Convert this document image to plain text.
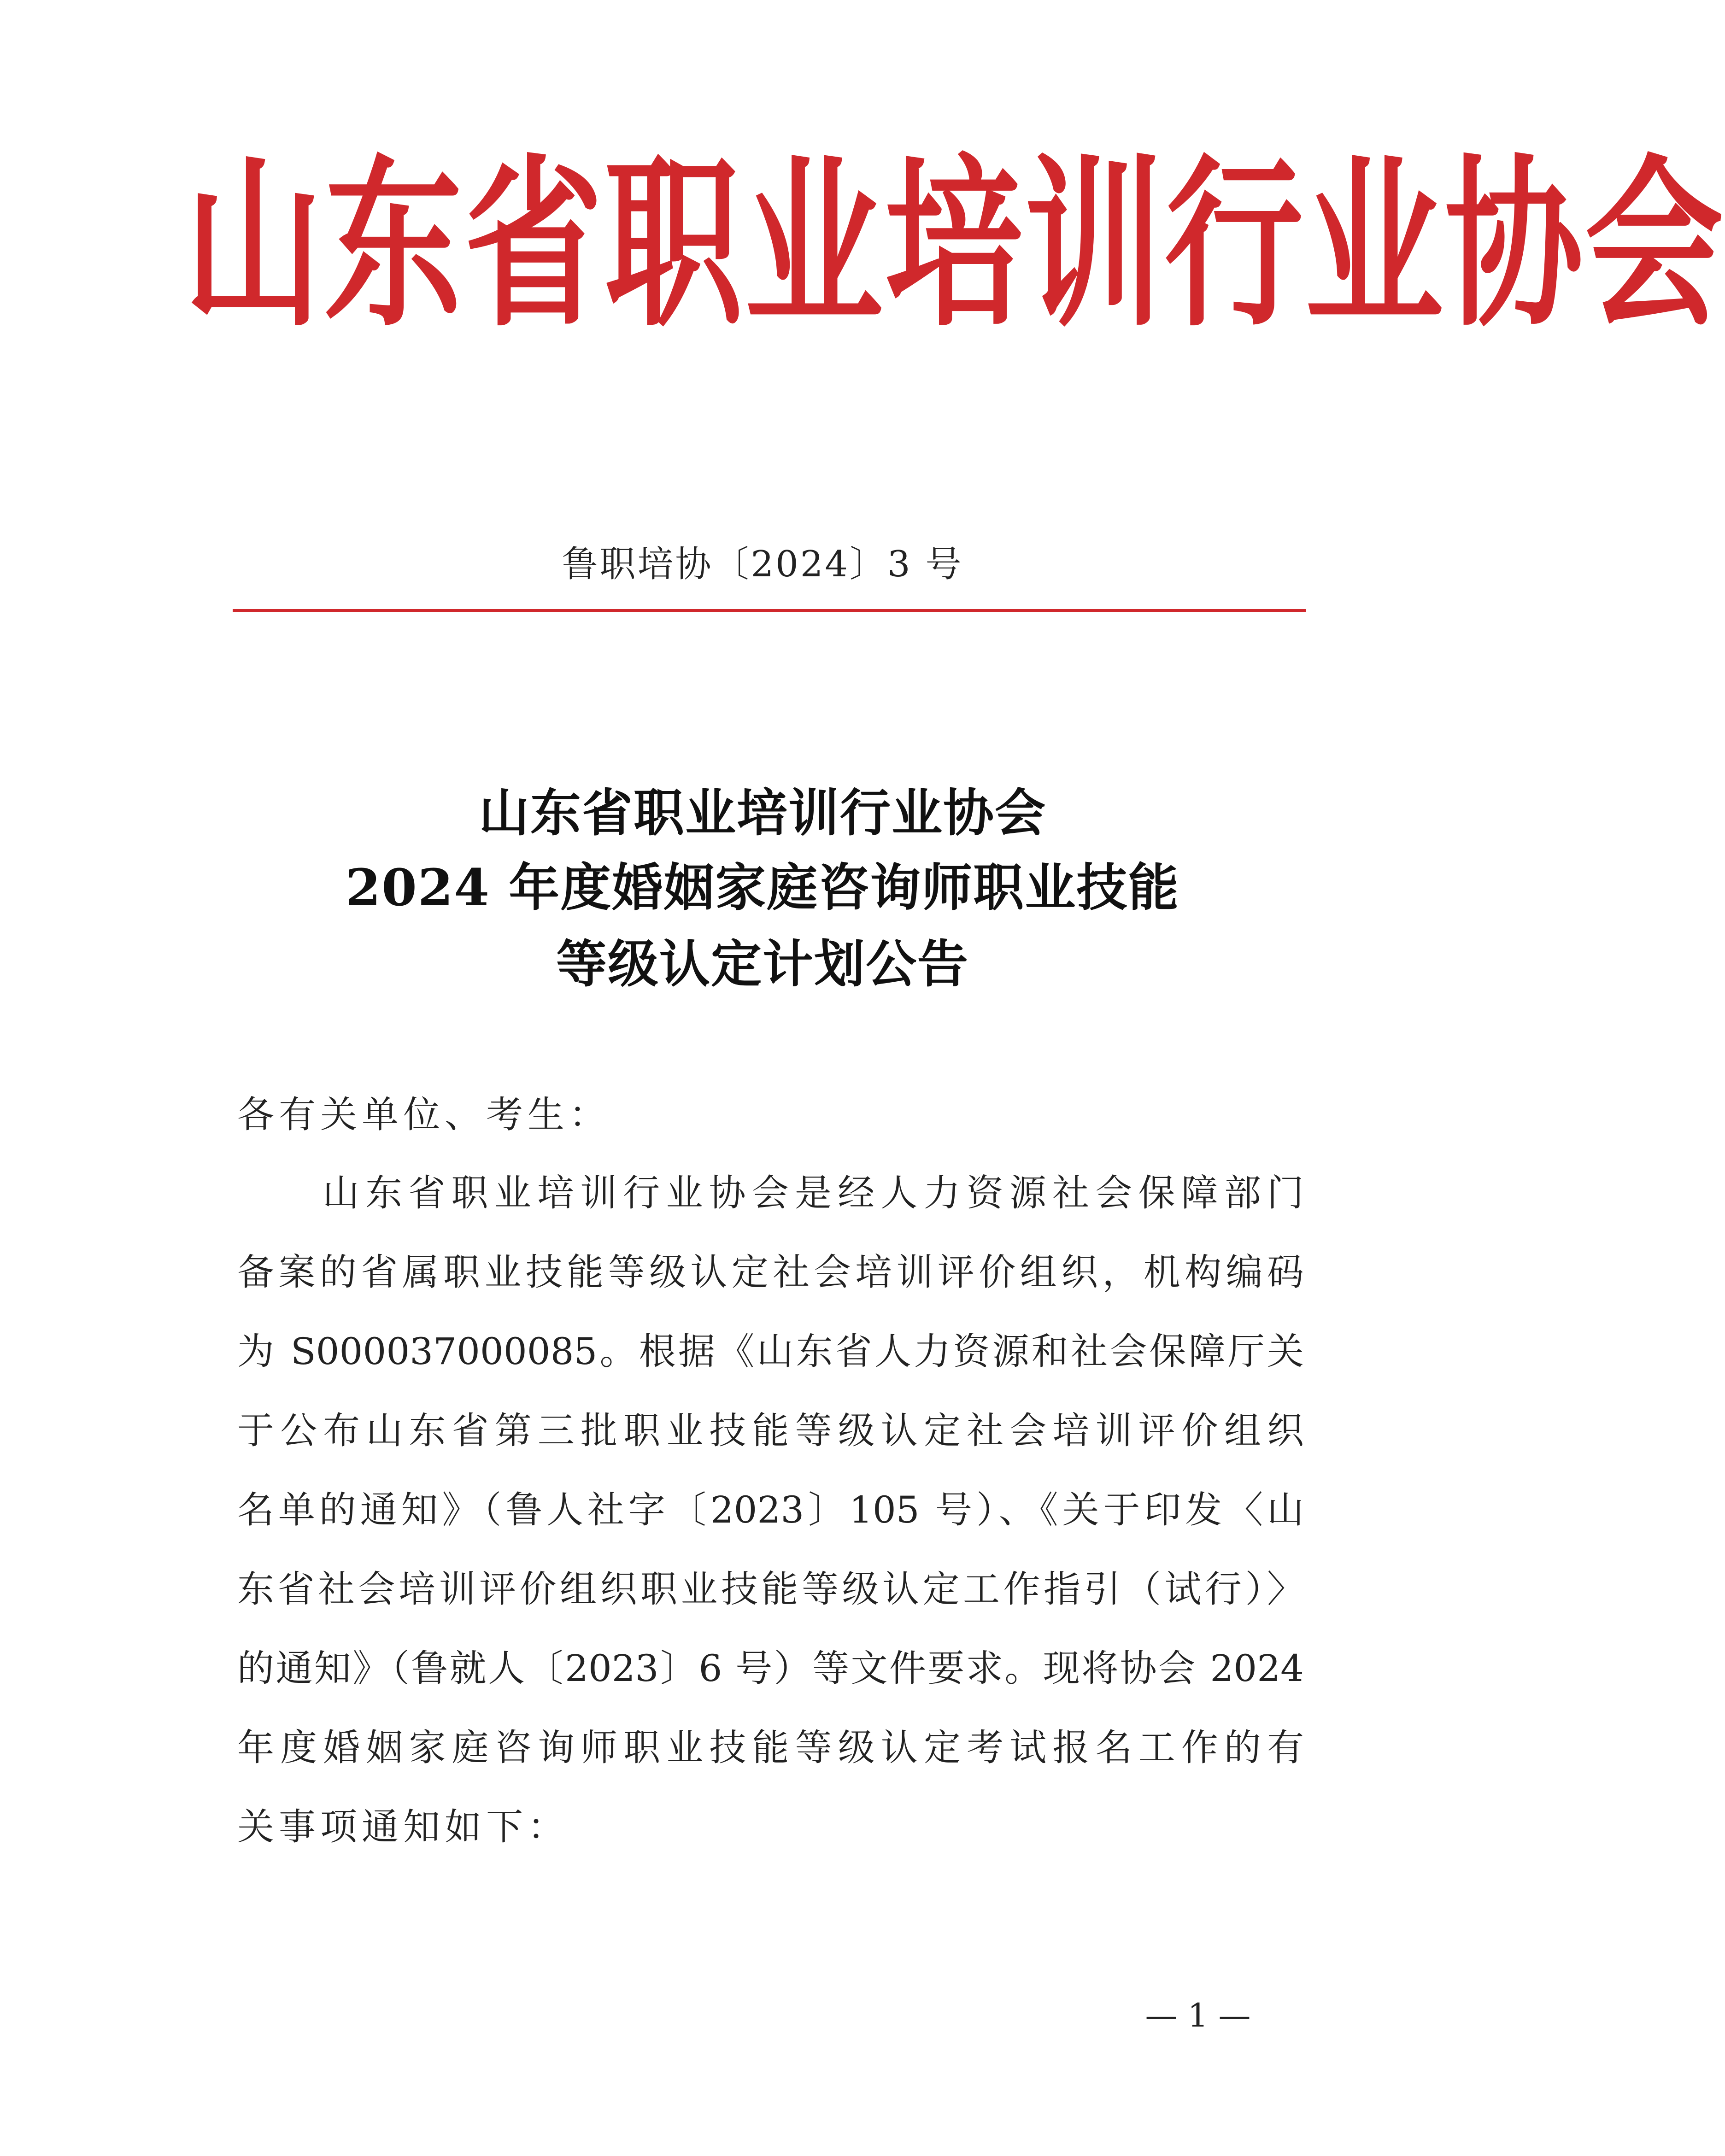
山东省职业培训行业协会
鲁职培协〔2024〕3 号
山东省职业培训行业协会
2024 年度婚姻家庭咨询师职业技能
等级认定计划公告
各有关单位、考生：
山东省职业培训行业协会是经人力资源社会保障部门
备案的省属职业技能等级认定社会培训评价组织，机构编码
为 S000037000085。根据《山东省人力资源和社会保障厅关
于公布山东省第三批职业技能等级认定社会培训评价组织
名单的通知》（鲁人社字〔2023〕105 号）、《关于印发〈山
东省社会培训评价组织职业技能等级认定工作指引（试行）〉
的通知》（鲁就人〔2023〕6 号）等文件要求。现将协会 2024
年度婚姻家庭咨询师职业技能等级认定考试报名工作的有
关事项通知如下：
— 1 —
